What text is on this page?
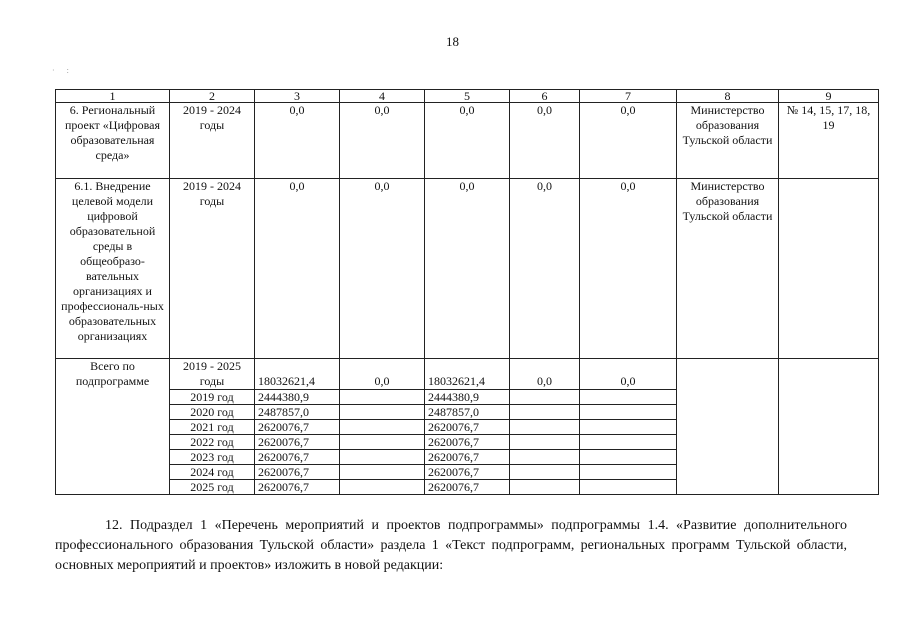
18
·      :
1	2	3	4	5	6	7	8	9
6. Региональный проект «Цифровая образовательная среда»	2019 - 2024 годы	0,0	0,0	0,0	0,0	0,0	Министерство образования Тульской области	№ 14, 15, 17, 18, 19
6.1. Внедрение целевой модели цифровой образовательной среды в общеобразо-вательных организациях и профессиональ-ных образовательных организациях	2019 - 2024 годы	0,0	0,0	0,0	0,0	0,0	Министерство образования Тульской области	
Всего по подпрограмме	2019 - 2025 годы	18032621,4	0,0	18032621,4	0,0	0,0		
	2019 год	2444380,9		2444380,9				
	2020 год	2487857,0		2487857,0				
	2021 год	2620076,7		2620076,7				
	2022 год	2620076,7		2620076,7				
	2023 год	2620076,7		2620076,7				
	2024 год	2620076,7		2620076,7				
	2025 год	2620076,7		2620076,7				
12. Подраздел 1 «Перечень мероприятий и проектов подпрограммы» подпрограммы 1.4. «Развитие дополнительного профессионального образования Тульской области» раздела 1 «Текст подпрограмм, региональных программ Тульской области, основных мероприятий и проектов» изложить в новой редакции:
